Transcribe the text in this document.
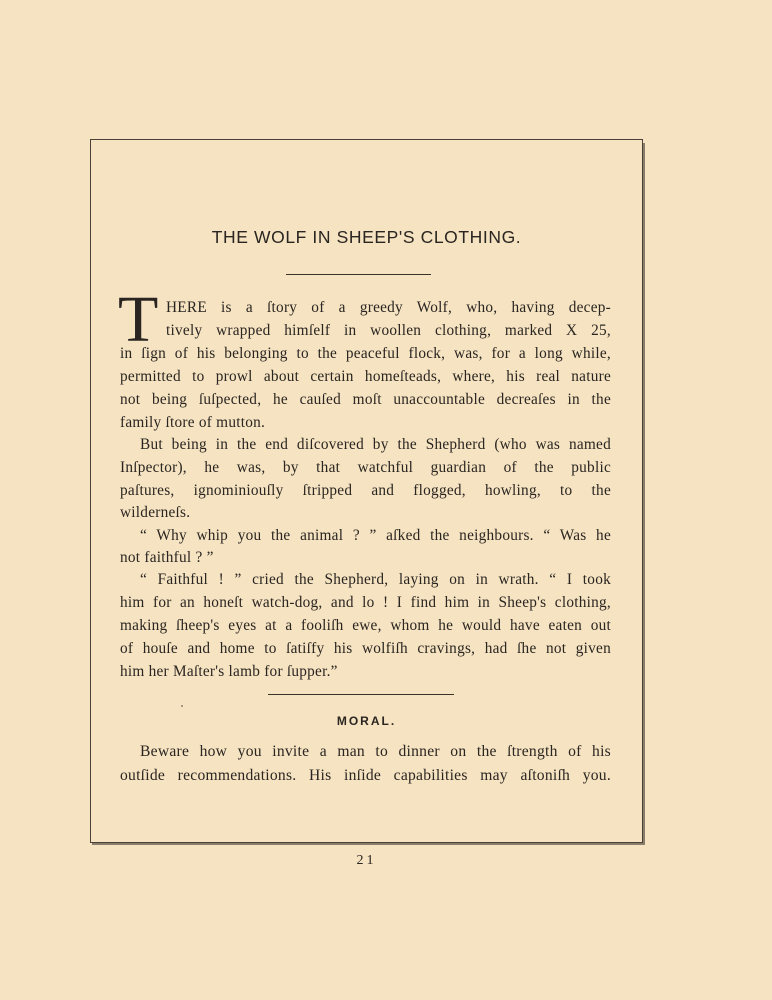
THE WOLF IN SHEEP'S CLOTHING.
T HERE is a ſtory of a greedy Wolf, who, having decep-
tively wrapped himſelf in woollen clothing, marked X 25,
in ſign of his belonging to the peaceful flock, was, for a long while,
permitted to prowl about certain homeſteads, where, his real nature
not being ſuſpected, he cauſed moſt unaccountable decreaſes in the
family ſtore of mutton.
But being in the end diſcovered by the Shepherd (who was named
Inſpector), he was, by that watchful guardian of the public
paſtures, ignominiouſly ſtripped and flogged, howling, to the
wilderneſs.
“ Why whip you the animal ? ” aſked the neighbours. “ Was he
not faithful ? ”
“ Faithful ! ” cried the Shepherd, laying on in wrath. “ I took
him for an honeſt watch-dog, and lo ! I find him in Sheep's clothing,
making ſheep's eyes at a fooliſh ewe, whom he would have eaten out
of houſe and home to ſatiſfy his wolfiſh cravings, had ſhe not given
him her Maſter's lamb for ſupper.”
MORAL.
Beware how you invite a man to dinner on the ſtrength of his
outſide recommendations. His inſide capabilities may aſtoniſh you.
21
